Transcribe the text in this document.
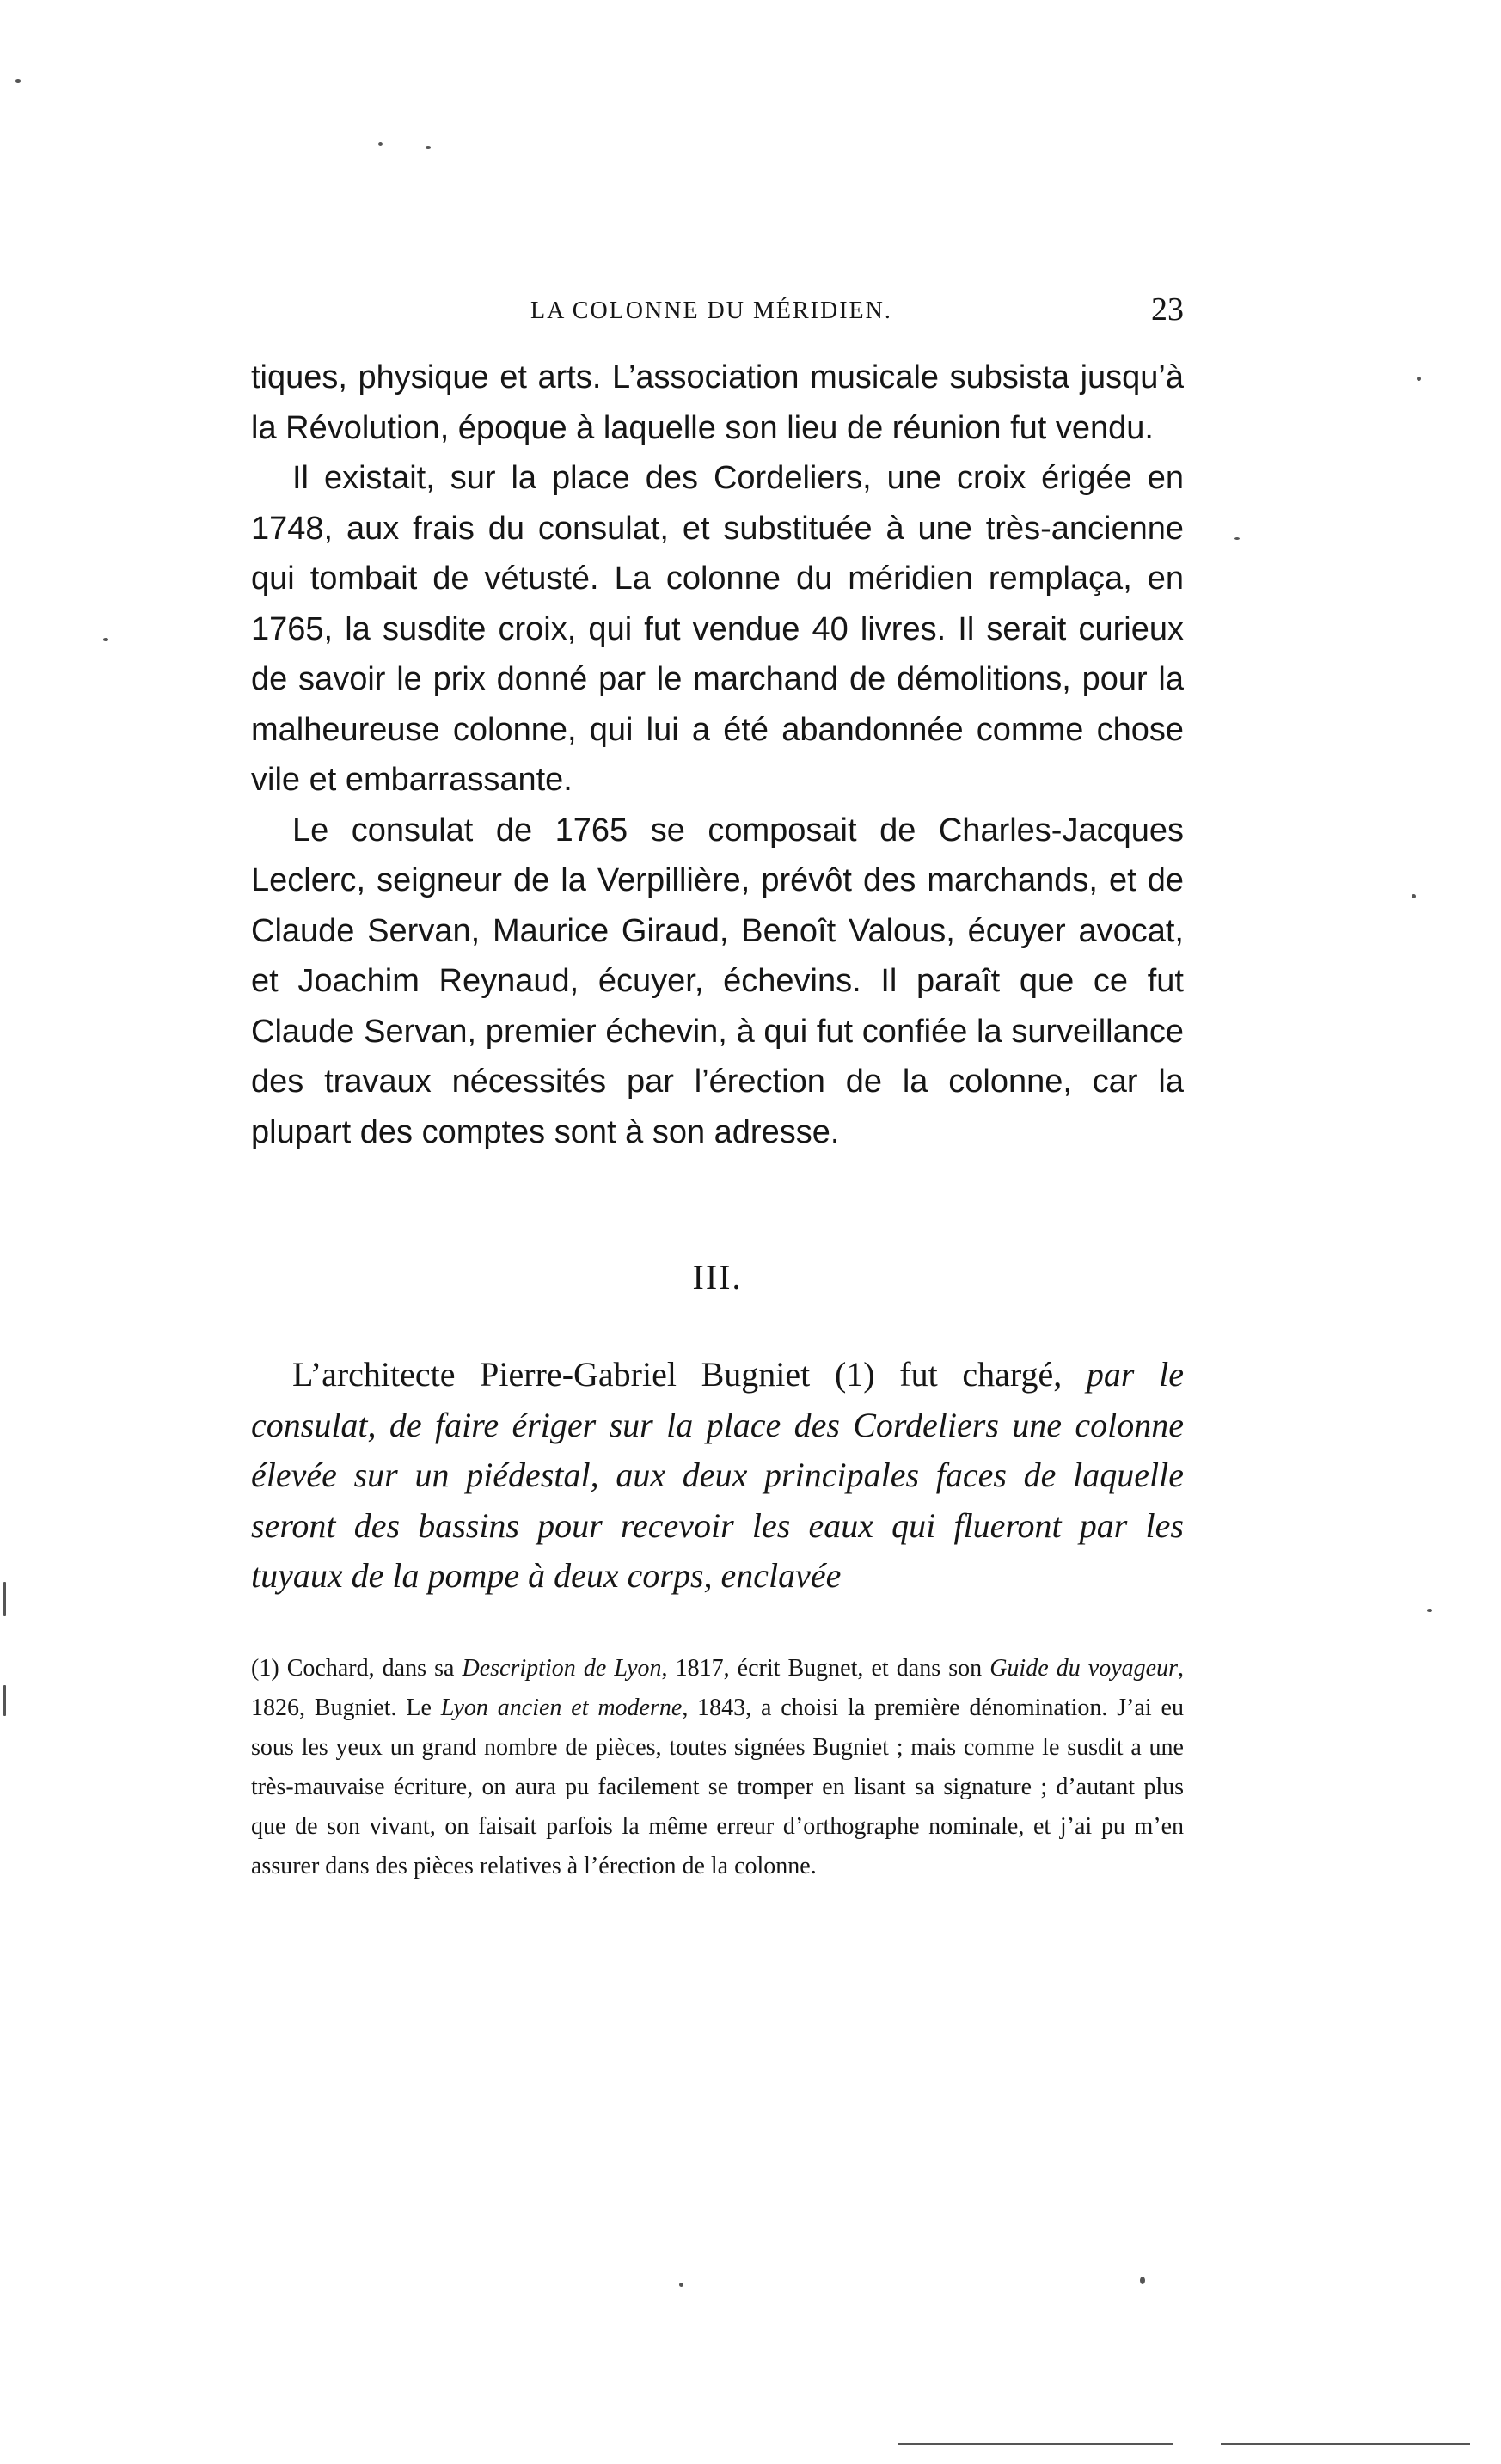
LA COLONNE DU MÉRIDIEN.	23

tiques, physique et arts. L’association musicale subsista jusqu’à la Révolution, époque à laquelle son lieu de réunion fut vendu.

Il existait, sur la place des Cordeliers, une croix érigée en 1748, aux frais du consulat, et substituée à une très-ancienne qui tombait de vétusté. La colonne du méridien remplaça, en 1765, la susdite croix, qui fut vendue 40 livres. Il serait curieux de savoir le prix donné par le marchand de démolitions, pour la malheureuse colonne, qui lui a été abandonnée comme chose vile et embarrassante.

Le consulat de 1765 se composait de Charles-Jacques Leclerc, seigneur de la Verpillière, prévôt des marchands, et de Claude Servan, Maurice Giraud, Benoît Valous, écuyer avocat, et Joachim Reynaud, écuyer, échevins. Il paraît que ce fut Claude Servan, premier échevin, à qui fut confiée la surveillance des travaux nécessités par l’érection de la colonne, car la plupart des comptes sont à son adresse.

III.

L’architecte Pierre-Gabriel Bugniet (1) fut chargé, par le consulat, de faire ériger sur la place des Cordeliers une colonne élevée sur un piédestal, aux deux principales faces de laquelle seront des bassins pour recevoir les eaux qui flueront par les tuyaux de la pompe à deux corps, enclavée

(1) Cochard, dans sa Description de Lyon, 1817, écrit Bugnet, et dans son Guide du voyageur, 1826, Bugniet. Le Lyon ancien et moderne, 1843, a choisi la première dénomination. J’ai eu sous les yeux un grand nombre de pièces, toutes signées Bugniet ; mais comme le susdit a une très-mauvaise écriture, on aura pu facilement se tromper en lisant sa signature ; d’autant plus que de son vivant, on faisait parfois la même erreur d’orthographe nominale, et j’ai pu m’en assurer dans des pièces relatives à l’érection de la colonne.
